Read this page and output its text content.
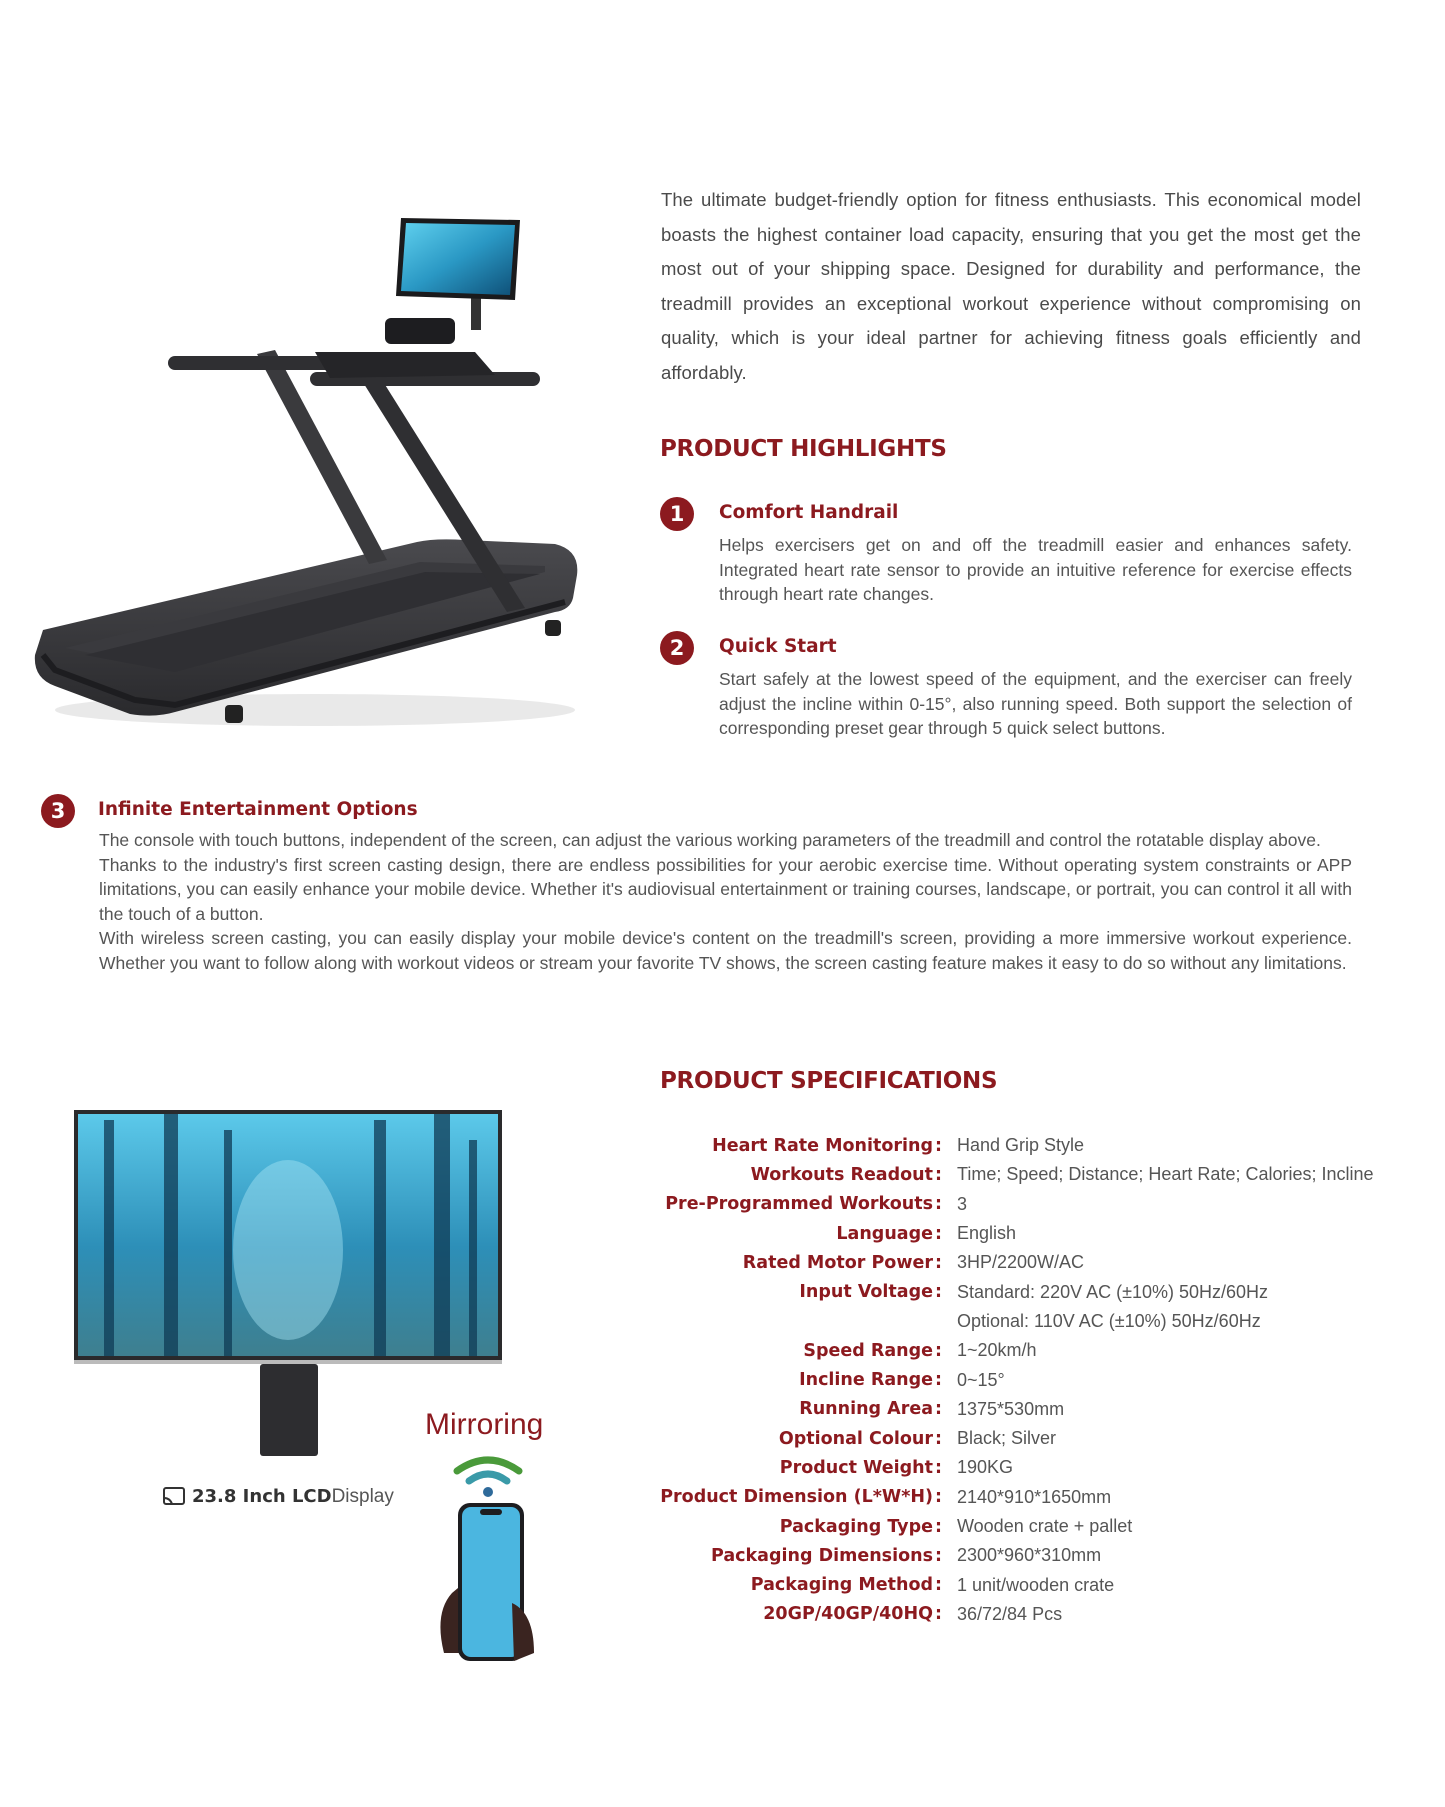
The ultimate budget-friendly option for fitness enthusiasts. This economical model boasts the highest container load capacity, ensuring that you get the most get the most out of your shipping space. Designed for durability and performance, the treadmill provides an exceptional workout experience without compromising on quality, which is your ideal partner for achieving fitness goals efficiently and affordably.
PRODUCT HIGHLIGHTS
1	Comfort Handrail
Helps exercisers get on and off the treadmill easier and enhances safety. Integrated heart rate sensor to provide an intuitive reference for exercise effects through heart rate changes.
2	Quick Start
Start safely at the lowest speed of the equipment, and the exerciser can freely adjust the incline within 0-15°, also running speed. Both support the selection of corresponding preset gear through 5 quick select buttons.
3	Infinite Entertainment Options

The console with touch buttons, independent of the screen, can adjust the various working parameters of the treadmill and control the rotatable display above.

Thanks to the industry's first screen casting design, there are endless possibilities for your aerobic exercise time. Without operating system constraints or APP limitations, you can easily enhance your mobile device. Whether it's audiovisual entertainment or training courses, landscape, or portrait, you can control it all with the touch of a button.

With wireless screen casting, you can easily display your mobile device's content on the treadmill's screen, providing a more immersive workout experience. Whether you want to follow along with workout videos or stream your favorite TV shows, the screen casting feature makes it easy to do so without any limitations.

PRODUCT SPECIFICATIONS
Heart Rate Monitoring	:	Hand Grip Style
Workouts Readout	:	Time; Speed; Distance; Heart Rate; Calories; Incline
Pre-Programmed Workouts	:	3
Language	:	English
Rated Motor Power	:	3HP/2200W/AC
Input Voltage	:	Standard: 220V AC (±10%) 50Hz/60Hz
		Optional: 110V AC (±10%) 50Hz/60Hz
Speed Range	:	1~20km/h
Incline Range	:	0~15°
Running Area	:	1375*530mm
Optional Colour	:	Black; Silver
Product Weight	:	190KG
Product Dimension (L*W*H)	:	2140*910*1650mm
Packaging Type	:	Wooden crate + pallet
Packaging Dimensions	:	2300*960*310mm
Packaging Method	:	1 unit/wooden crate
20GP/40GP/40HQ	:	36/72/84 Pcs
Mirroring
23.8 Inch LCDDisplay
